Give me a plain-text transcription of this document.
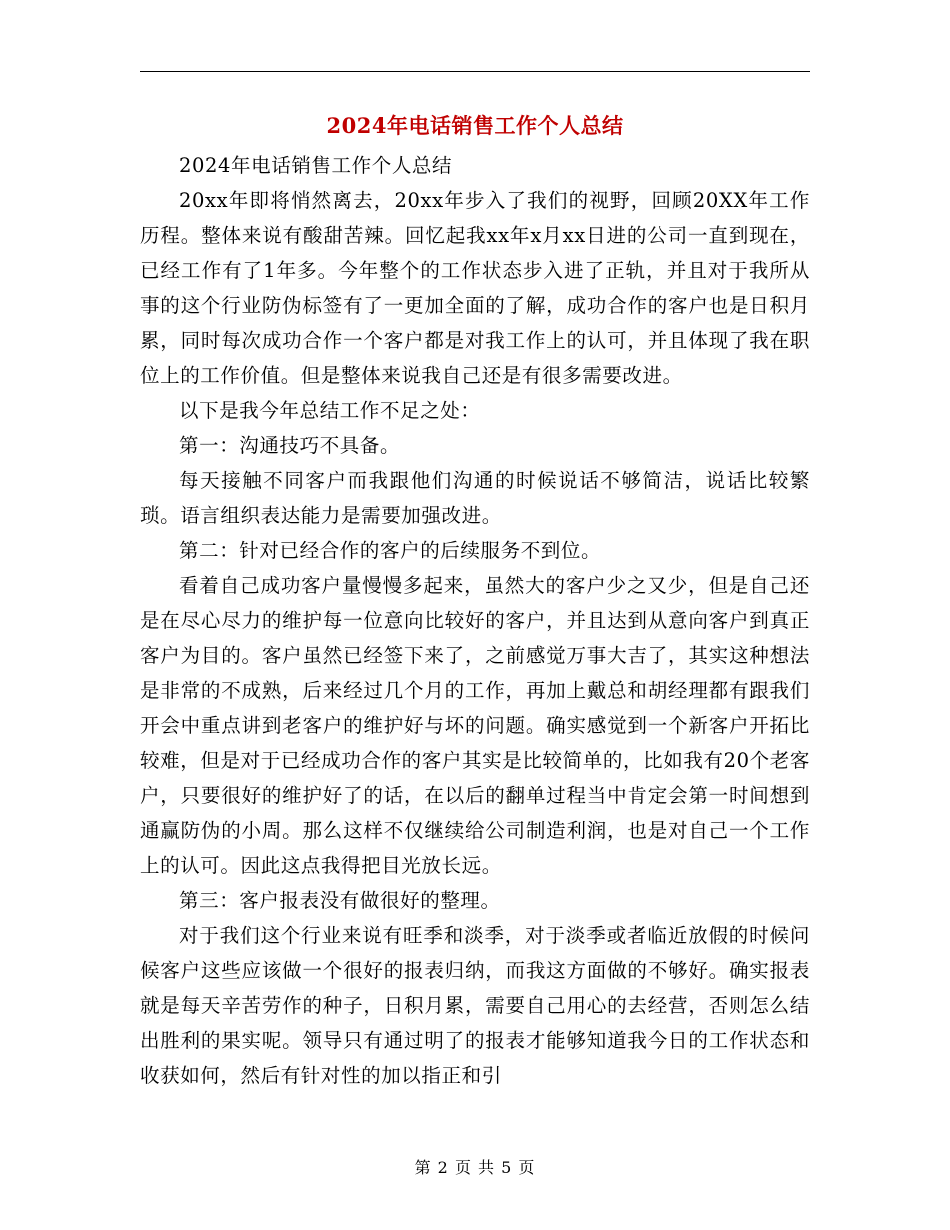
2024年电话销售工作个人总结

2024年电话销售工作个人总结

20xx年即将悄然离去，20xx年步入了我们的视野，回顾20XX年工作历程。整体来说有酸甜苦辣。回忆起我xx年x月xx日进的公司一直到现在，已经工作有了1年多。今年整个的工作状态步入进了正轨，并且对于我所从事的这个行业防伪标签有了一更加全面的了解，成功合作的客户也是日积月累，同时每次成功合作一个客户都是对我工作上的认可，并且体现了我在职位上的工作价值。但是整体来说我自己还是有很多需要改进。

以下是我今年总结工作不足之处：

第一：沟通技巧不具备。

每天接触不同客户而我跟他们沟通的时候说话不够简洁，说话比较繁琐。语言组织表达能力是需要加强改进。

第二：针对已经合作的客户的后续服务不到位。

看着自己成功客户量慢慢多起来，虽然大的客户少之又少，但是自己还是在尽心尽力的维护每一位意向比较好的客户，并且达到从意向客户到真正客户为目的。客户虽然已经签下来了，之前感觉万事大吉了，其实这种想法是非常的不成熟，后来经过几个月的工作，再加上戴总和胡经理都有跟我们开会中重点讲到老客户的维护好与坏的问题。确实感觉到一个新客户开拓比较难，但是对于已经成功合作的客户其实是比较简单的，比如我有20个老客户，只要很好的维护好了的话，在以后的翻单过程当中肯定会第一时间想到通赢防伪的小周。那么这样不仅继续给公司制造利润，也是对自己一个工作上的认可。因此这点我得把目光放长远。

第三：客户报表没有做很好的整理。

对于我们这个行业来说有旺季和淡季，对于淡季或者临近放假的时候问候客户这些应该做一个很好的报表归纳，而我这方面做的不够好。确实报表就是每天辛苦劳作的种子，日积月累，需要自己用心的去经营，否则怎么结出胜利的果实呢。领导只有通过明了的报表才能够知道我今日的工作状态和收获如何，然后有针对性的加以指正和引

第 2 页 共 5 页
